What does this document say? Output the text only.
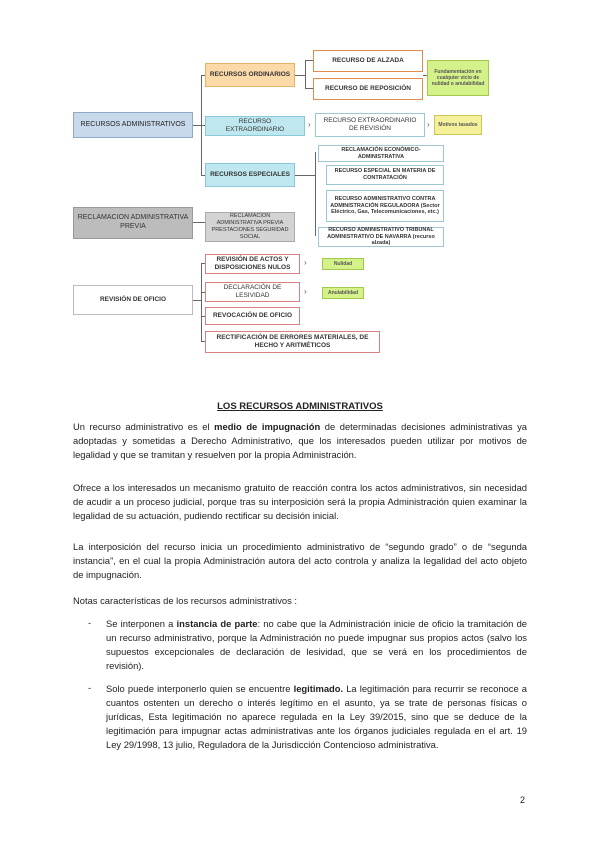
RECURSOS ADMINISTRATIVOS
RECLAMACION ADMINISTRATIVA PREVIA
REVISIÓN DE OFICIO
RECURSOS ORDINARIOS
RECURSO EXTRAORDINARIO
RECURSOS ESPECIALES
RECURSO DE ALZADA
RECURSO DE REPOSICIÓN
Fundamentación en cualquier vicio de nulidad o anulabilidad
›	RECURSO EXTRAORDINARIO DE REVISIÓN	›	Motivos tasados
RECLAMACIÓN ECONÓMICO-ADMINISTRATIVA
RECURSO ESPECIAL EN MATERIA DE CONTRATACIÓN
RECURSO ADMINISTRATIVO CONTRA ADMINISTRACIÓN REGULADORA (Sector Eléctrico, Gas, Telecomunicaciones, etc.)
RECURSO ADMINISTRATIVO TRIBUNAL ADMINISTRATIVO DE NAVARRA (recurso alzada)
RECLAMACION ADMINISTRATIVA PREVIA PRESTACIONES SEGURIDAD SOCIAL
REVISIÓN DE ACTOS Y DISPOSICIONES NULOS
›	Nulidad
DECLARACIÓN DE LESIVIDAD	›	Anulabilidad
REVOCACIÓN DE OFICIO
RECTIFICACIÓN DE ERRORES MATERIALES, DE HECHO Y ARITMÉTICOS
LOS RECURSOS ADMINISTRATIVOS

Un recurso administrativo es el medio de impugnación de determinadas decisiones administrativas ya adoptadas y sometidas a Derecho Administrativo, que los interesados pueden utilizar por motivos de legalidad y que se tramitan y resuelven por la propia Administración.

Ofrece a los interesados un mecanismo gratuito de reacción contra los actos administrativos, sin necesidad de acudir a un proceso judicial, porque tras su interposición será la propia Administración quien examinar la legalidad de su actuación, pudiendo rectificar su decisión inicial.

La interposición del recurso inicia un procedimiento administrativo de “segundo grado” o de “segunda instancia”, en el cual la propia Administración autora del acto controla y analiza la legalidad del acto objeto de impugnación.

Notas características de los recursos administrativos :

- Se interponen a instancia de parte: no cabe que la Administración inicie de oficio la tramitación de un recurso administrativo, porque la Administración no puede impugnar sus propios actos (salvo los supuestos excepcionales de declaración de lesividad, que se verá en los procedimientos de revisión).

- Solo puede interponerlo quien se encuentre legitimado. La legitimación para recurrir se reconoce a cuantos ostenten un derecho o interés legítimo en el asunto, ya se trate de personas físicas o jurídicas, Esta legitimación no aparece regulada en la Ley 39/2015, sino que se deduce de la legitimación para impugnar actas administrativas ante los órganos judiciales regulada en el art. 19 Ley 29/1998, 13 julio, Reguladora de la Jurisdicción Contencioso administrativa.

2
